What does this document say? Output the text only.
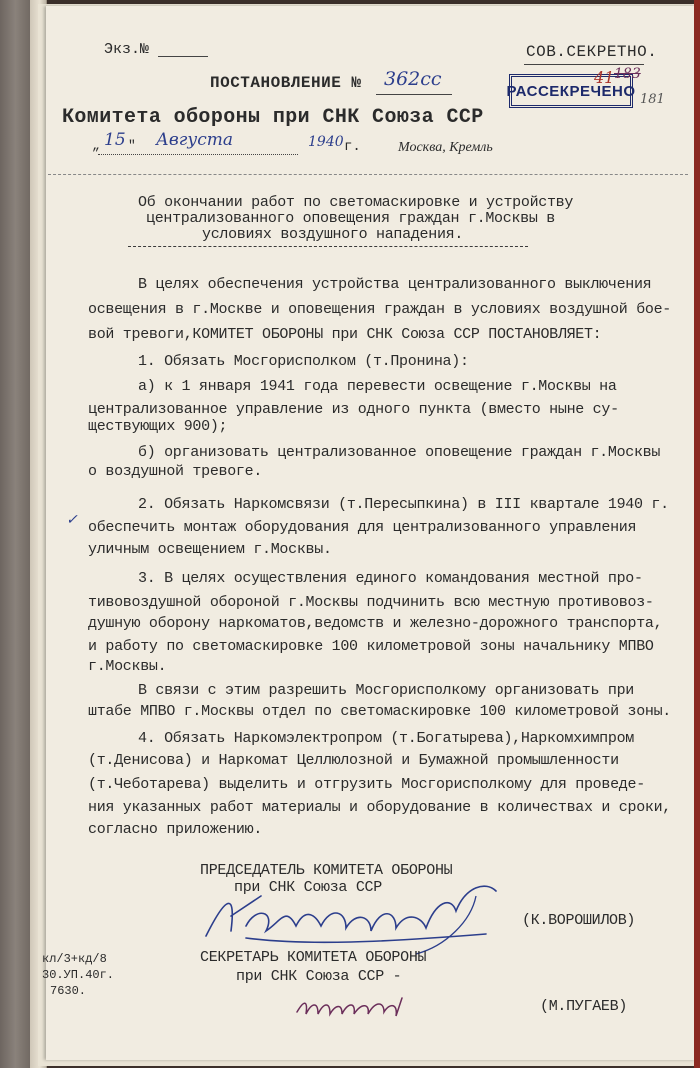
Экз.№	СОВ.СЕКРЕТНО.
ПОСТАНОВЛЕНИЕ № 362сс
РАССЕКРЕЧЕНО
41 183
181
Комитета обороны при СНК Союза ССР
„ 15 " Августа	1940 г.	Москва, Кремль
Об окончании работ по светомаскировке и устройству
централизованного оповещения граждан г.Москвы в
условиях воздушного нападения.
В целях обеспечения устройства централизованного выключения
освещения в г.Москве и оповещения граждан в условиях воздушной бое-
вой тревоги,КОМИТЕТ ОБОРОНЫ при СНК Союза ССР ПОСТАНОВЛЯЕТ:
1. Обязать Мосгорисполком (т.Пронина):
а) к 1 января 1941 года перевести освещение г.Москвы на
централизованное управление из одного пункта (вместо ныне су-
ществующих 900);
б) организовать централизованное оповещение граждан г.Москвы
о воздушной тревоге.
2. Обязать Наркомсвязи (т.Пересыпкина) в III квартале 1940 г.
✓ обеспечить монтаж оборудования для централизованного управления
уличным освещением г.Москвы.
3. В целях осуществления единого командования местной про-
тивовоздушной обороной г.Москвы подчинить всю местную противовоз-
душную оборону наркоматов,ведомств и железно-дорожного транспорта,
и работу по светомаскировке 100 километровой зоны начальнику МПВО
г.Москвы.
В связи с этим разрешить Мосгорисполкому организовать при
штабе МПВО г.Москвы отдел по светомаскировке 100 километровой зоны.
4. Обязать Наркомэлектропром (т.Богатырева),Наркомхимпром
(т.Денисова) и Наркомат Целлюлозной и Бумажной промышленности
(т.Чеботарева) выделить и отгрузить Мосгорисполкому для проведе-
ния указанных работ материалы и оборудование в количествах и сроки,
согласно приложению.
ПРЕДСЕДАТЕЛЬ КОМИТЕТА ОБОРОНЫ
при СНК Союза ССР
(К.ВОРОШИЛОВ)
СЕКРЕТАРЬ КОМИТЕТА ОБОРОНЫ
при СНК Союза ССР -
(М.ПУГАЕВ)
кл/3+кд/8
30.УП.40г.
7630.
